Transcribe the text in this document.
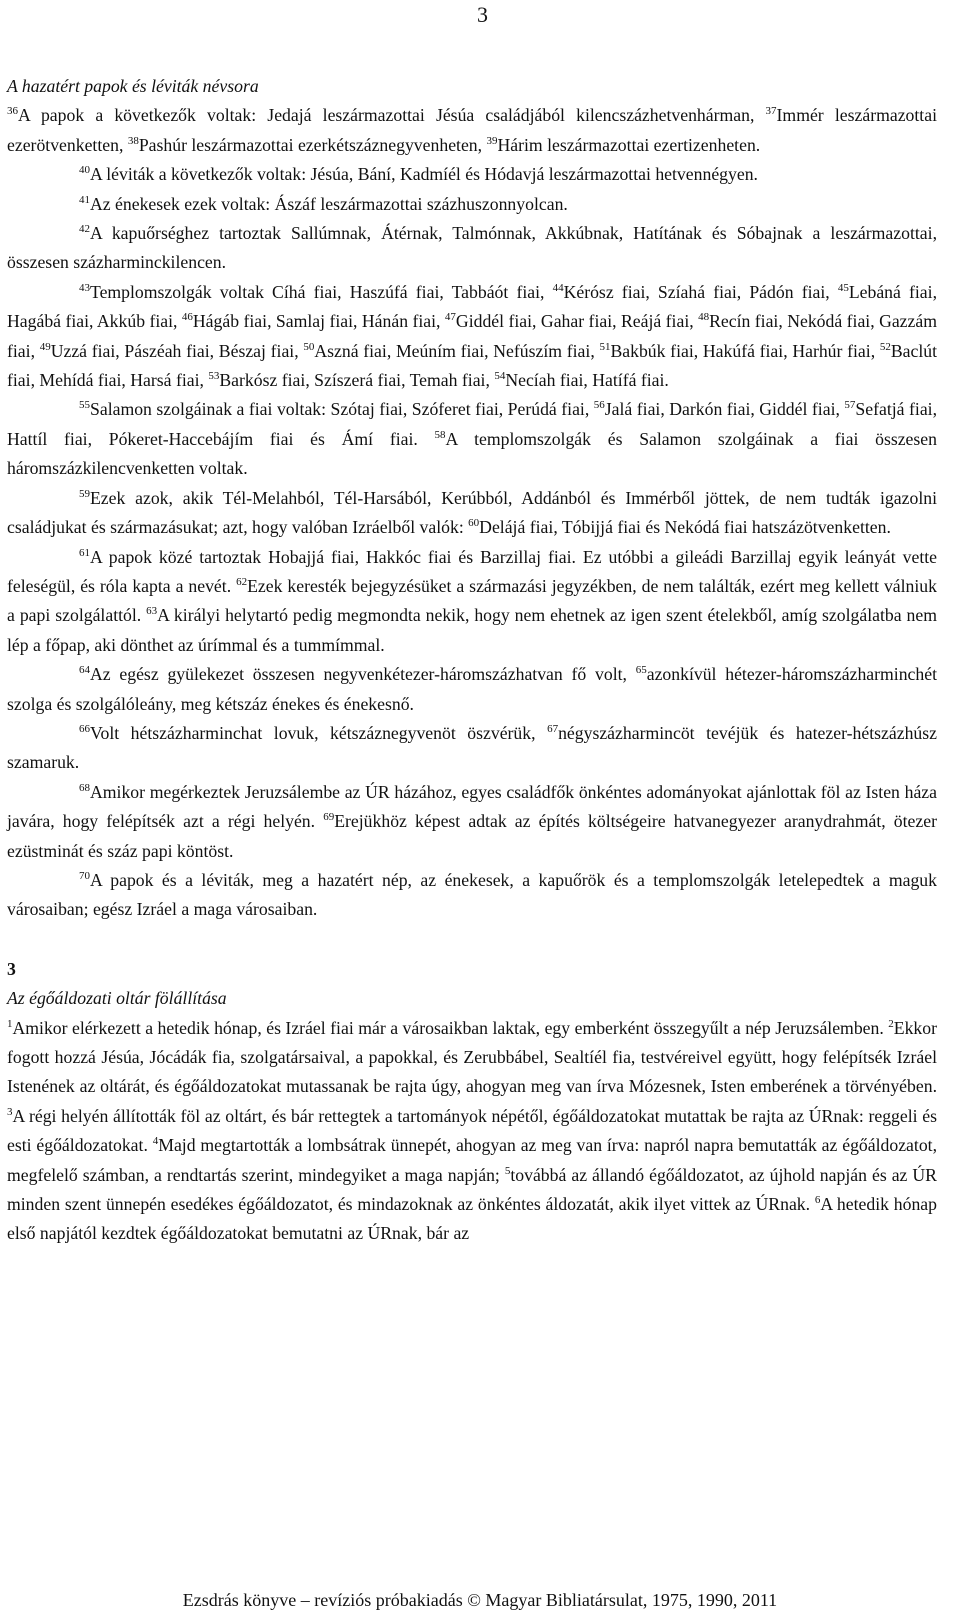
3
A hazatért papok és léviták névsora

$^{36}$A papok a következők voltak: Jedajá leszármazottai Jésúa családjából kilencszázhetvenhárman, $^{37}$Immér leszármazottai ezerötvenketten, $^{38}$Pashúr leszármazottai ezerkétszáznegyvenheten, $^{39}$Hárim leszármazottai ezertizenheten.

$^{40}$A léviták a következők voltak: Jésúa, Bání, Kadmíél és Hódavjá leszármazottai hetvennégyen.

$^{41}$Az énekesek ezek voltak: Ászáf leszármazottai százhuszonnyolcan.

$^{42}$A kapuőrséghez tartoztak Sallúmnak, Átérnak, Talmónnak, Akkúbnak, Hatítának és Sóbajnak a leszármazottai, összesen százharminckilencen.

$^{43}$Templomszolgák voltak Cíhá fiai, Haszúfá fiai, Tabbáót fiai, $^{44}$Kérósz fiai, Szíahá fiai, Pádón fiai, $^{45}$Lebáná fiai, Hagábá fiai, Akkúb fiai, $^{46}$Hágáb fiai, Samlaj fiai, Hánán fiai, $^{47}$Giddél fiai, Gahar fiai, Reájá fiai, $^{48}$Recín fiai, Nekódá fiai, Gazzám fiai, $^{49}$Uzzá fiai, Pászéah fiai, Bészaj fiai, $^{50}$Aszná fiai, Meúním fiai, Nefúszím fiai, $^{51}$Bakbúk fiai, Hakúfá fiai, Harhúr fiai, $^{52}$Baclút fiai, Mehídá fiai, Harsá fiai, $^{53}$Barkósz fiai, Szíszerá fiai, Temah fiai, $^{54}$Necíah fiai, Hatífá fiai.

$^{55}$Salamon szolgáinak a fiai voltak: Szótaj fiai, Szóferet fiai, Perúdá fiai, $^{56}$Jalá fiai, Darkón fiai, Giddél fiai, $^{57}$Sefatjá fiai, Hattíl fiai, Pókeret-Haccebájím fiai és Ámí fiai. $^{58}$A templomszolgák és Salamon szolgáinak a fiai összesen háromszázkilencvenketten voltak.

$^{59}$Ezek azok, akik Tél-Melahból, Tél-Harsából, Kerúbból, Addánból és Immérből jöttek, de nem tudták igazolni családjukat és származásukat; azt, hogy valóban Izráelből valók: $^{60}$Delájá fiai, Tóbijjá fiai és Nekódá fiai hatszázötvenketten.

$^{61}$A papok közé tartoztak Hobajjá fiai, Hakkóc fiai és Barzillaj fiai. Ez utóbbi a gileádi Barzillaj egyik leányát vette feleségül, és róla kapta a nevét. $^{62}$Ezek keresték bejegyzésüket a származási jegyzékben, de nem találták, ezért meg kellett válniuk a papi szolgálattól. $^{63}$A királyi helytartó pedig megmondta nekik, hogy nem ehetnek az igen szent ételekből, amíg szolgálatba nem lép a főpap, aki dönthet az úrímmal és a tummímmal.

$^{64}$Az egész gyülekezet összesen negyvenkétezer-háromszázhatvan fő volt, $^{65}$azonkívül hétezer-háromszázharminchét szolga és szolgálóleány, meg kétszáz énekes és énekesnő.

$^{66}$Volt hétszázharminchat lovuk, kétszáznegyvenöt öszvérük, $^{67}$négyszázharmincöt tevéjük és hatezer-hétszázhúsz szamaruk.

$^{68}$Amikor megérkeztek Jeruzsálembe az ÚR házához, egyes családfők önkéntes adományokat ajánlottak föl az Isten háza javára, hogy felépítsék azt a régi helyén. $^{69}$Erejükhöz képest adtak az építés költségeire hatvanegyezer aranydrahmát, ötezer ezüstminát és száz papi köntöst.

$^{70}$A papok és a léviták, meg a hazatért nép, az énekesek, a kapuőrök és a templomszolgák letelepedtek a maguk városaiban; egész Izráel a maga városaiban.

3
Az égőáldozati oltár fölállítása

$^1$Amikor elérkezett a hetedik hónap, és Izráel fiai már a városaikban laktak, egy emberként összegyűlt a nép Jeruzsálemben. $^2$Ekkor fogott hozzá Jésúa, Jócádák fia, szolgatársaival, a papokkal, és Zerubbábel, Sealtíél fia, testvéreivel együtt, hogy felépítsék Izráel Istenének az oltárát, és égőáldozatokat mutassanak be rajta úgy, ahogyan meg van írva Mózesnek, Isten emberének a törvényében. $^3$A régi helyén állították föl az oltárt, és bár rettegtek a tartományok népétől, égőáldozatokat mutattak be rajta az ÚRnak: reggeli és esti égőáldozatokat. $^4$Majd megtartották a lombsátrak ünnepét, ahogyan az meg van írva: napról napra bemutatták az égőáldozatot, megfelelő számban, a rendtartás szerint, mindegyiket a maga napján; $^5$továbbá az állandó égőáldozatot, az újhold napján és az ÚR minden szent ünnepén esedékes égőáldozatot, és mindazoknak az önkéntes áldozatát, akik ilyet vittek az ÚRnak. $^6$A hetedik hónap első napjától kezdtek égőáldozatokat bemutatni az ÚRnak, bár az

Ezsdrás könyve – revíziós próbakiadás © Magyar Bibliatársulat, 1975, 1990, 2011
